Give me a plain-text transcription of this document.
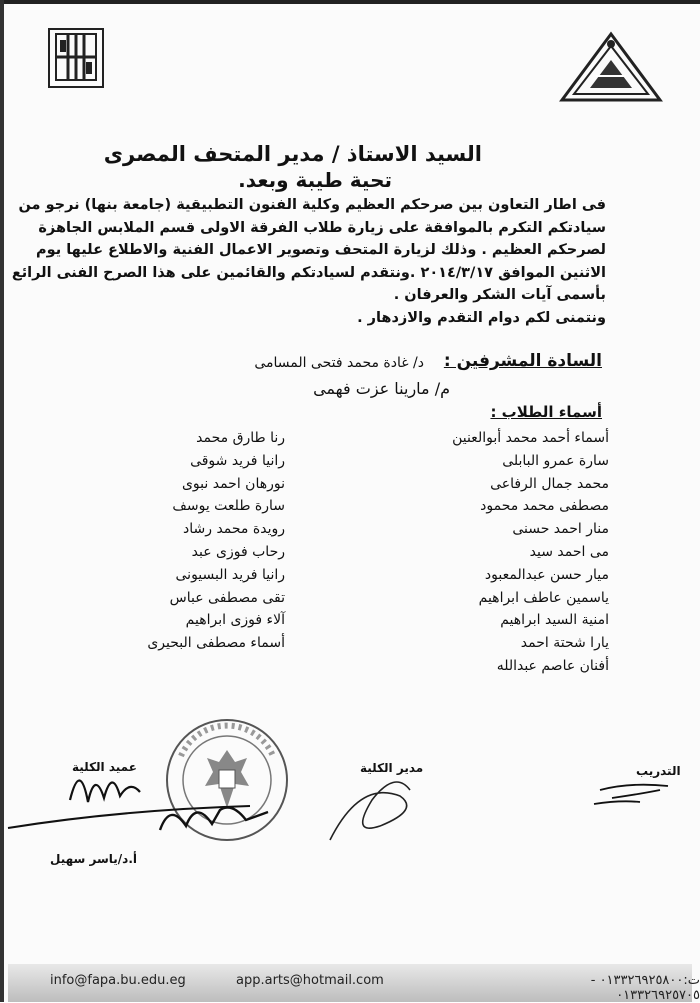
السيد الاستاذ / مدير المتحف المصرى
تحية طيبة وبعد.
فى اطار التعاون بين صرحكم العظيم وكلية الفنون التطبيقية (جامعة بنها) نرجو من
سيادتكم التكرم بالموافقة على زيارة طلاب الفرقة الاولى قسم الملابس الجاهزة
لصرحكم العظيم . وذلك لزيارة المتحف وتصوير الاعمال الفنية والاطلاع عليها يوم
الاثنين الموافق ٢٠١٤/٣/١٧ .ونتقدم لسيادتكم والقائمين على هذا الصرح الفنى الرائع
بأسمى آيات الشكر والعرفان .
ونتمنى لكم دوام التقدم والازدهار .
السادة المشرفين :
د/ غادة محمد فتحى المسامى
م/ مارينا عزت فهمى
أسماء الطلاب :
أسماء أحمد محمد أبوالعنين
سارة عمرو البابلى
محمد جمال الرفاعى
مصطفى محمد محمود
منار احمد حسنى
مى احمد سيد
ميار حسن عبدالمعبود
ياسمين عاطف ابراهيم
امنية السيد ابراهيم
يارا شحتة احمد
أفنان عاصم عبدالله
رنا طارق محمد
رانيا فريد شوقى
نورهان احمد نبوى
سارة طلعت يوسف
رويدة محمد رشاد
رحاب فوزى عبد
رانيا فريد البسيونى
تقى مصطفى عباس
آلاء فوزى ابراهيم
أسماء مصطفى البحيرى
عميد الكلية
أ.د/ياسر سهيل
مدير الكلية	التدريب
info@fapa.bu.edu.eg	app.arts@hotmail.com	ت:٠١٣٣٢٦٩٢٥٨٠٠ - ٠١٣٣٢٦٩٢٥٧٠٥
